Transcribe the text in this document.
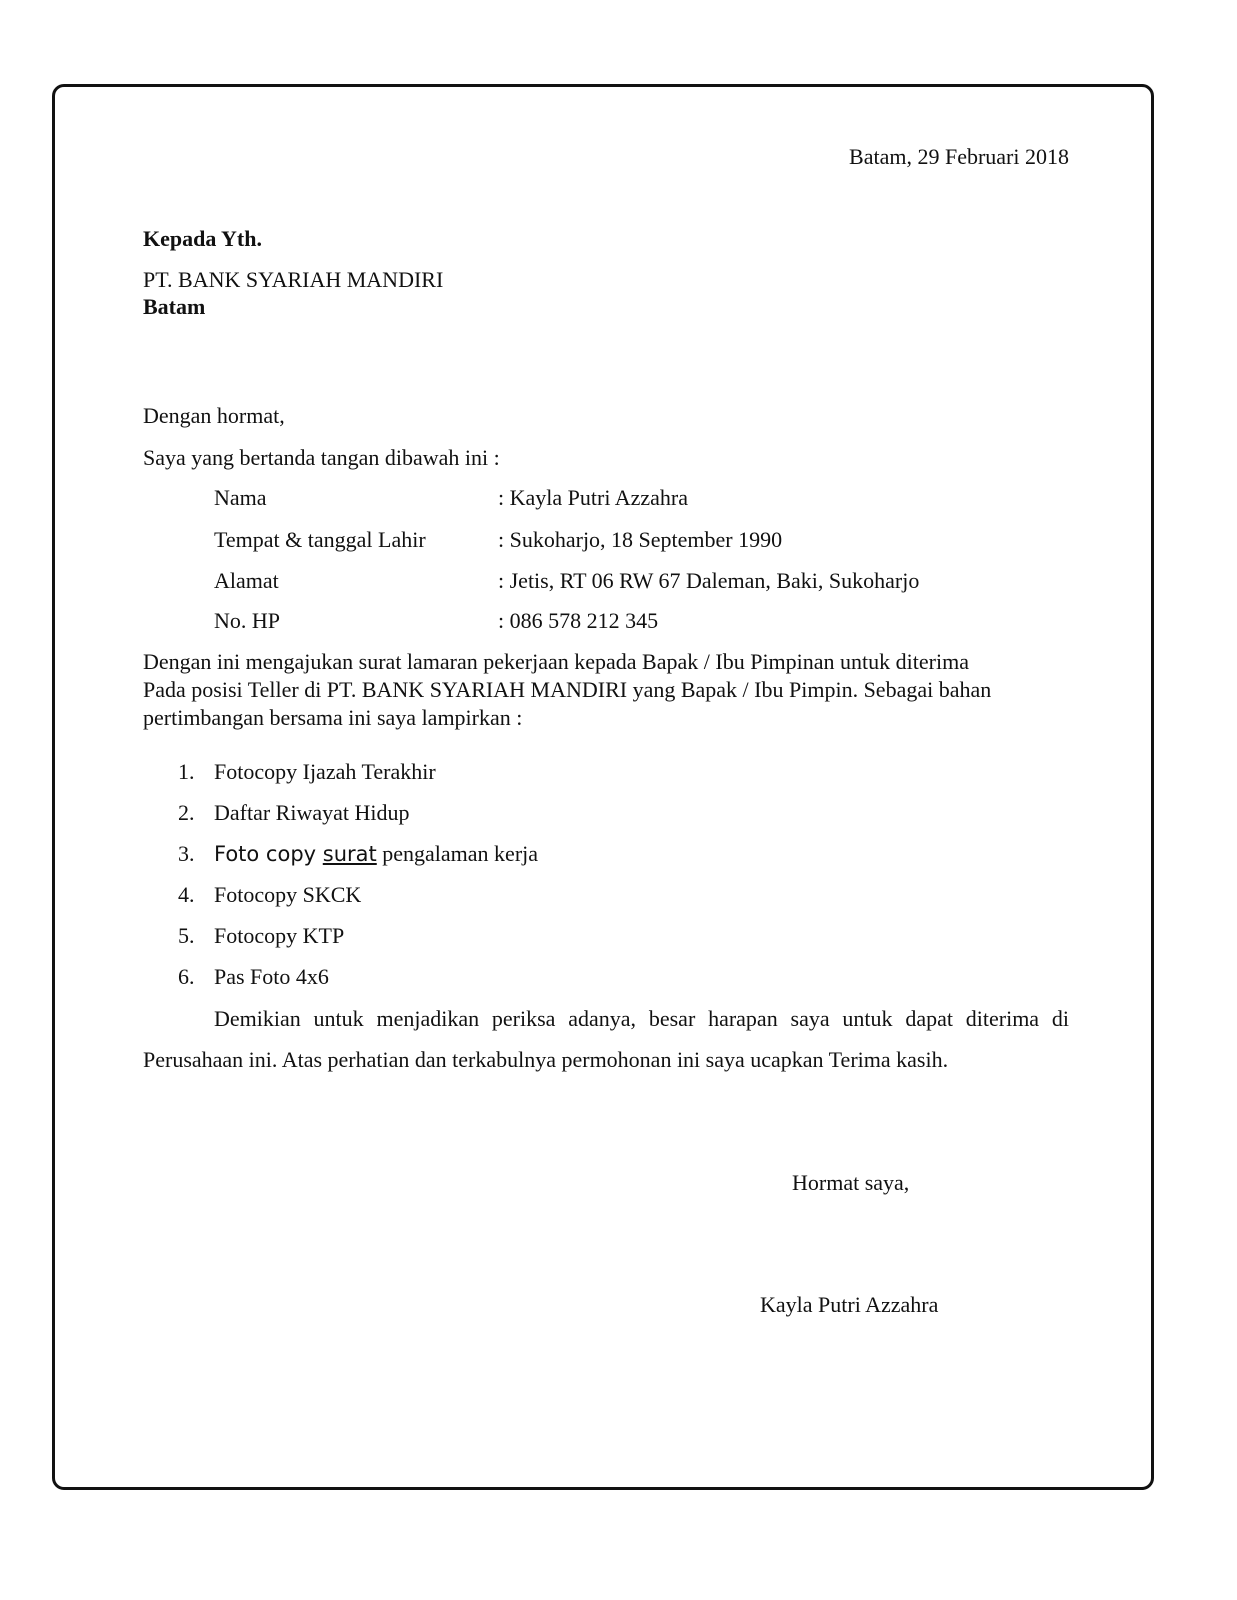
Batam, 29 Februari 2018
Kepada Yth.
PT. BANK SYARIAH MANDIRI
Batam
Dengan hormat,
Saya yang bertanda tangan dibawah ini :
Nama	: Kayla Putri Azzahra
Tempat & tanggal Lahir	: Sukoharjo, 18 September 1990
Alamat	: Jetis, RT 06 RW 67 Daleman, Baki, Sukoharjo
No. HP	: 086 578 212 345
Dengan ini mengajukan surat lamaran pekerjaan kepada Bapak / Ibu Pimpinan untuk diterima
Pada posisi Teller di PT. BANK SYARIAH MANDIRI yang Bapak / Ibu Pimpin. Sebagai bahan
pertimbangan bersama ini saya lampirkan :
1. Fotocopy Ijazah Terakhir
2. Daftar Riwayat Hidup
3. Foto copy surat pengalaman kerja
4. Fotocopy SKCK
5. Fotocopy KTP
6. Pas Foto 4x6
Demikian untuk menjadikan periksa adanya, besar harapan saya untuk dapat diterima di
Perusahaan ini. Atas perhatian dan terkabulnya permohonan ini saya ucapkan Terima kasih.
Hormat saya,
Kayla Putri Azzahra
